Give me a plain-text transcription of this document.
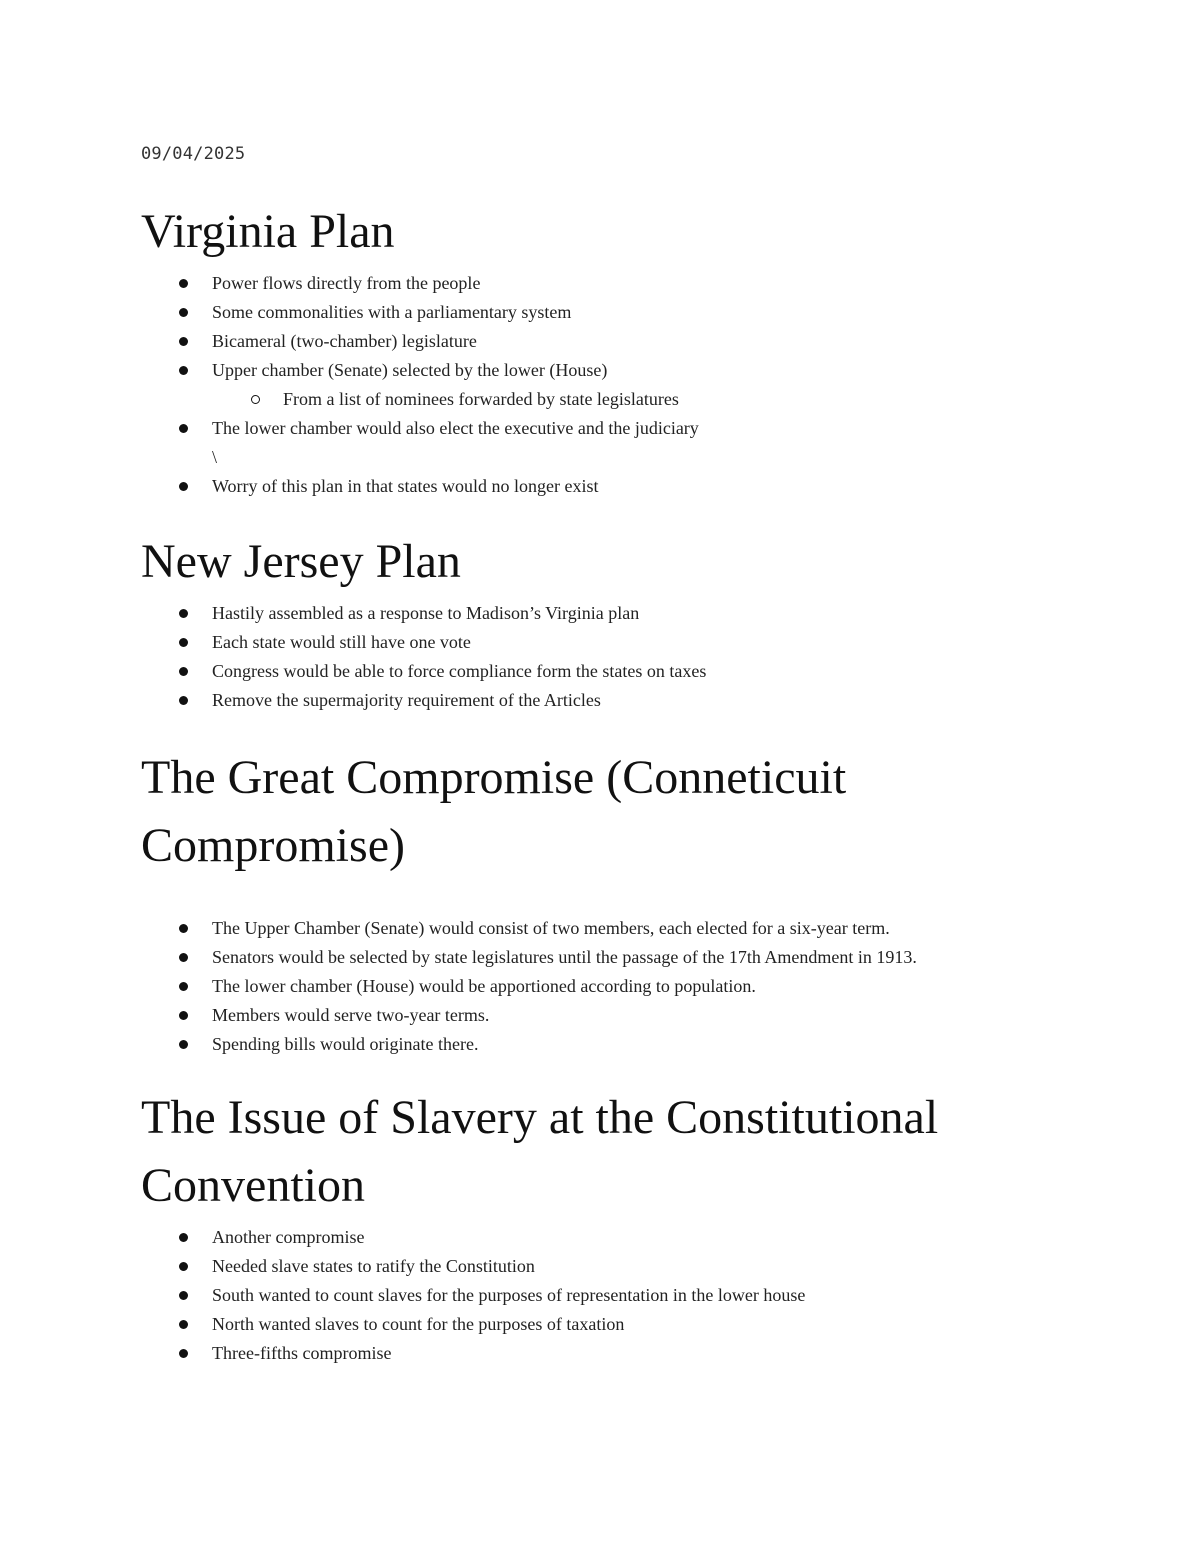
09/04/2025
Virginia Plan
Power flows directly from the people
Some commonalities with a parliamentary system
Bicameral (two-chamber) legislature
Upper chamber (Senate) selected by the lower (House)
From a list of nominees forwarded by state legislatures
The lower chamber would also elect the executive and the judiciary
\
Worry of this plan in that states would no longer exist
New Jersey Plan
Hastily assembled as a response to Madison’s Virginia plan
Each state would still have one vote
Congress would be able to force compliance form the states on taxes
Remove the supermajority requirement of the Articles
The Great Compromise (Conneticuit
Compromise)
The Upper Chamber (Senate) would consist of two members, each elected for a six-year term.
Senators would be selected by state legislatures until the passage of the 17th Amendment in 1913.
The lower chamber (House) would be apportioned according to population.
Members would serve two-year terms.
Spending bills would originate there.
The Issue of Slavery at the Constitutional
Convention
Another compromise
Needed slave states to ratify the Constitution
South wanted to count slaves for the purposes of representation in the lower house
North wanted slaves to count for the purposes of taxation
Three-fifths compromise
